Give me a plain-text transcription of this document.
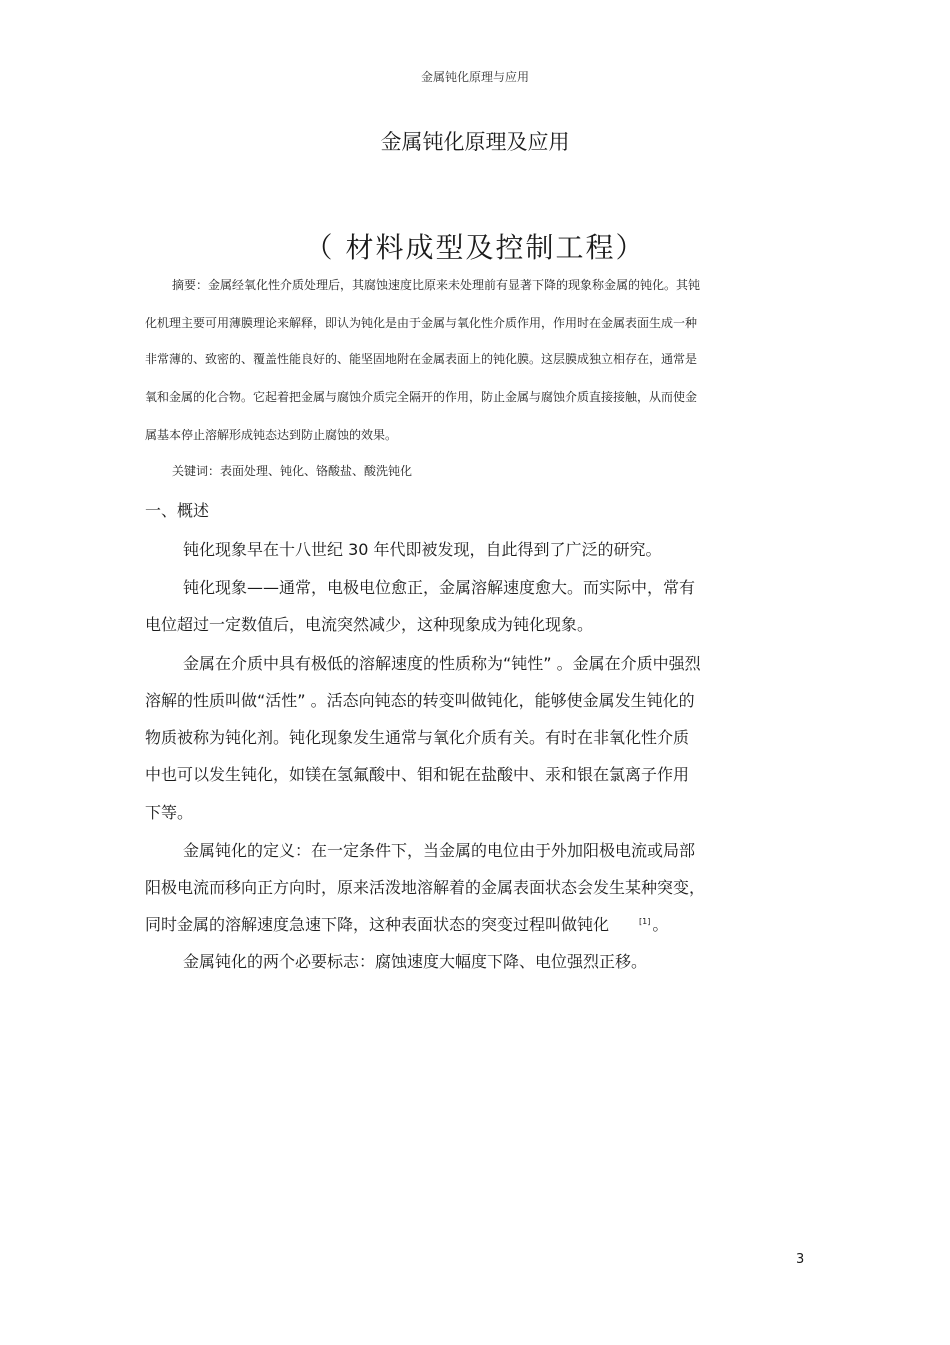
金属钝化原理与应用
金属钝化原理及应用
（ 材料成型及控制工程）
摘要：金属经氧化性介质处理后，其腐蚀速度比原来未处理前有显著下降的现象称金属的钝化。其钝
化机理主要可用薄膜理论来解释，即认为钝化是由于金属与氧化性介质作用，作用时在金属表面生成一种
非常薄的、致密的、覆盖性能良好的、能坚固地附在金属表面上的钝化膜。这层膜成独立相存在，通常是
氧和金属的化合物。它起着把金属与腐蚀介质完全隔开的作用，防止金属与腐蚀介质直接接触，从而使金
属基本停止溶解形成钝态达到防止腐蚀的效果。
关键词：表面处理、钝化、铬酸盐、酸洗钝化
一、概述
钝化现象早在十八世纪 30 年代即被发现，自此得到了广泛的研究。
钝化现象——通常，电极电位愈正，金属溶解速度愈大。而实际中，常有
电位超过一定数值后，电流突然减少，这种现象成为钝化现象。
金属在介质中具有极低的溶解速度的性质称为“钝性” 。金属在介质中强烈
溶解的性质叫做“活性” 。活态向钝态的转变叫做钝化，能够使金属发生钝化的
物质被称为钝化剂。钝化现象发生通常与氧化介质有关。有时在非氧化性介质
中也可以发生钝化，如镁在氢氟酸中、钼和铌在盐酸中、汞和银在氯离子作用
下等。
金属钝化的定义：在一定条件下，当金属的电位由于外加阳极电流或局部
阳极电流而移向正方向时，原来活泼地溶解着的金属表面状态会发生某种突变，
同时金属的溶解速度急速下降，这种表面状态的突变过程叫做钝化	[1] 。
金属钝化的两个必要标志：腐蚀速度大幅度下降、电位强烈正移。
3
